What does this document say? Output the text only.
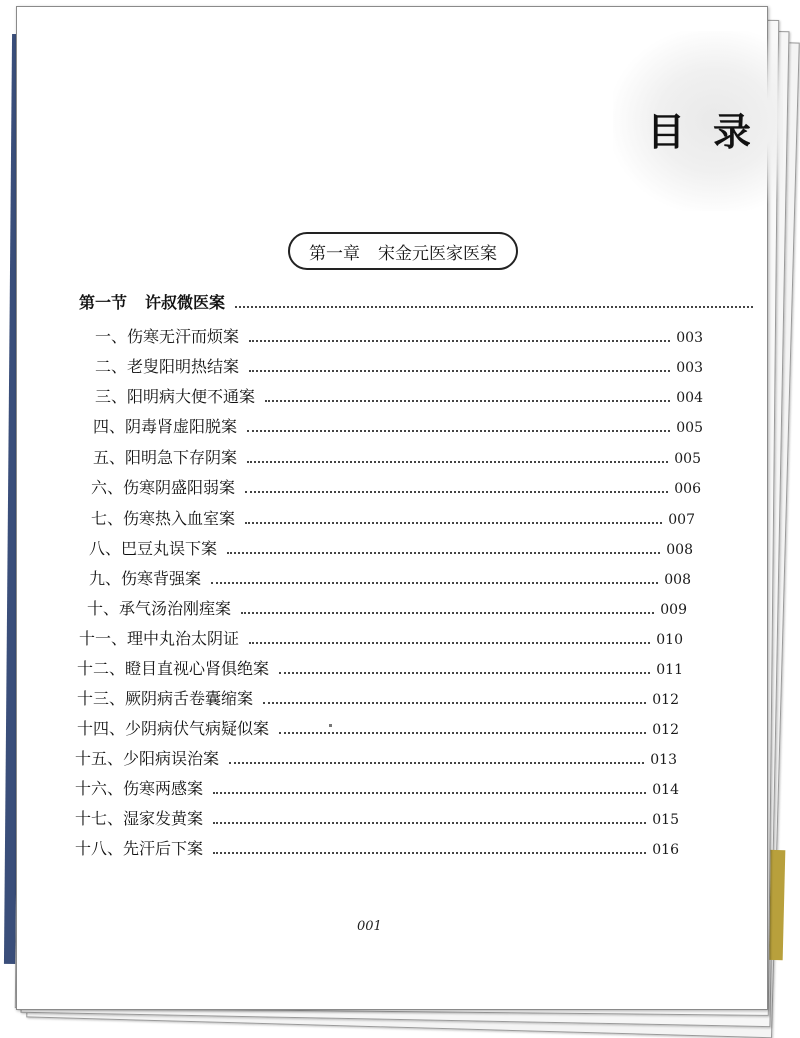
目录
第一章 宋金元医家医案
第一节 许叔微医案
一、伤寒无汗而烦案	003
二、老叟阳明热结案	003
三、阳明病大便不通案	004
四、阴毒肾虚阳脱案	005
五、阳明急下存阴案	005
六、伤寒阴盛阳弱案	006
七、伤寒热入血室案	007
八、巴豆丸误下案	008
九、伤寒背强案	008
十、承气汤治刚痓案	009
十一、理中丸治太阴证	010
十二、瞪目直视心肾俱绝案	011
十三、厥阴病舌卷囊缩案	012
十四、少阴病伏气病疑似案	012
十五、少阳病误治案	013
十六、伤寒两感案	014
十七、湿家发黄案	015
十八、先汗后下案	016
001
